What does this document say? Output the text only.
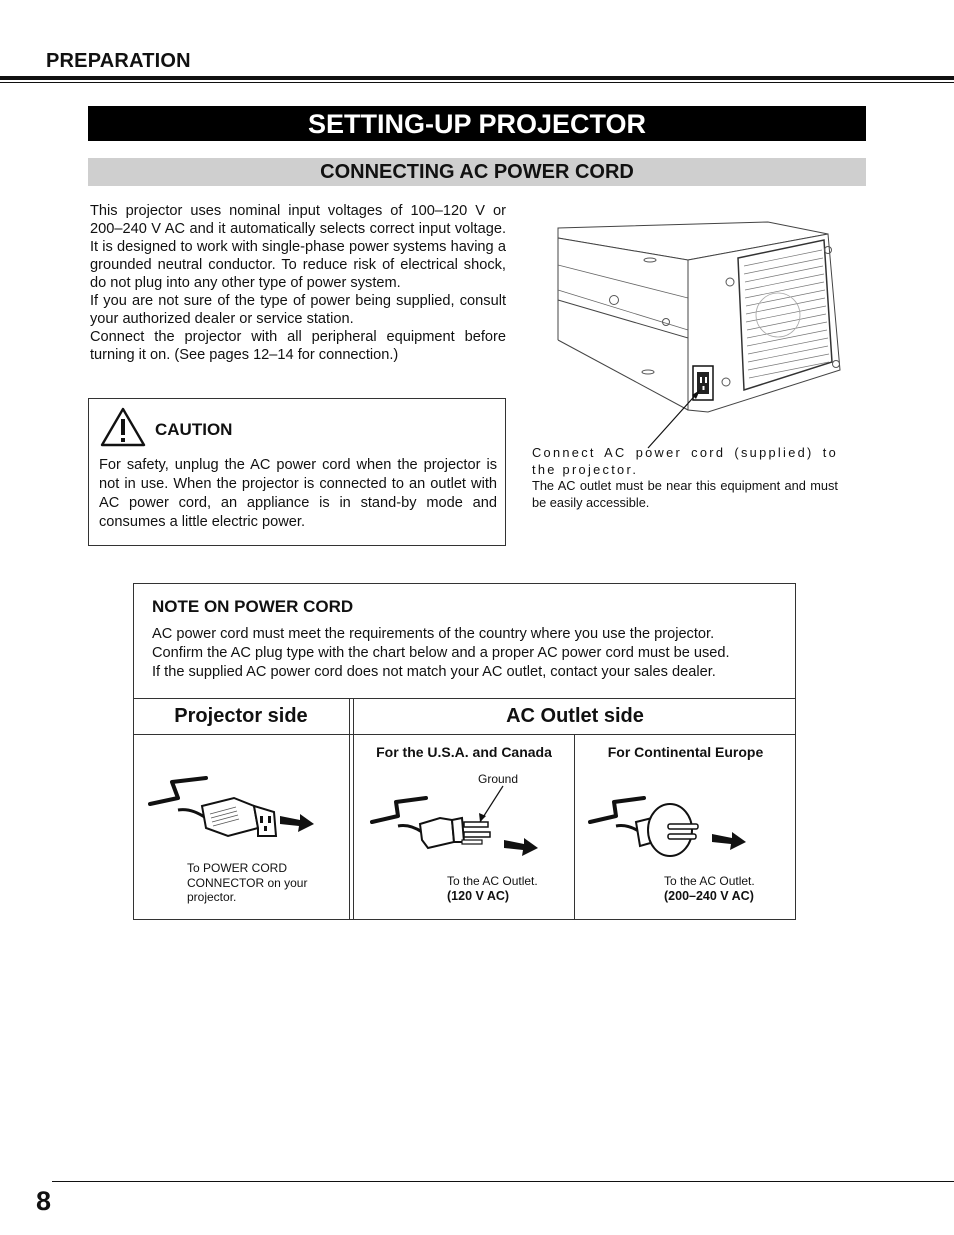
PREPARATION
SETTING-UP PROJECTOR
CONNECTING AC POWER CORD

This projector uses nominal input voltages of 100–120 V or 200–240 V AC and it automatically selects correct input voltage. It is designed to work with single-phase power systems having a grounded neutral conductor. To reduce risk of electrical shock, do not plug into any other type of power system.

If you are not sure of the type of power being supplied, consult your authorized dealer or service station.

Connect the projector with all peripheral equipment before turning it on. (See pages 12–14 for connection.)

CAUTION
For safety, unplug the AC power cord when the projector is not in use. When the projector is connected to an outlet with AC power cord, an appliance is in stand-by mode and consumes a little electric power.

Connect AC power cord (supplied) to the projector.

The AC outlet must be near this equipment and must be easily accessible.

NOTE ON POWER CORD

AC power cord must meet the requirements of the country where you use the projector.

Confirm the AC plug type with the chart below and a proper AC power cord must be used.

If the supplied AC power cord does not match your AC outlet, contact your sales dealer.

Projector side	AC Outlet side
For the U.S.A. and Canada	For Continental Europe
To POWER CORD
CONNECTOR on your
projector.
Ground
To the AC Outlet.
(120 V AC)
To the AC Outlet.
(200–240 V AC)
8
